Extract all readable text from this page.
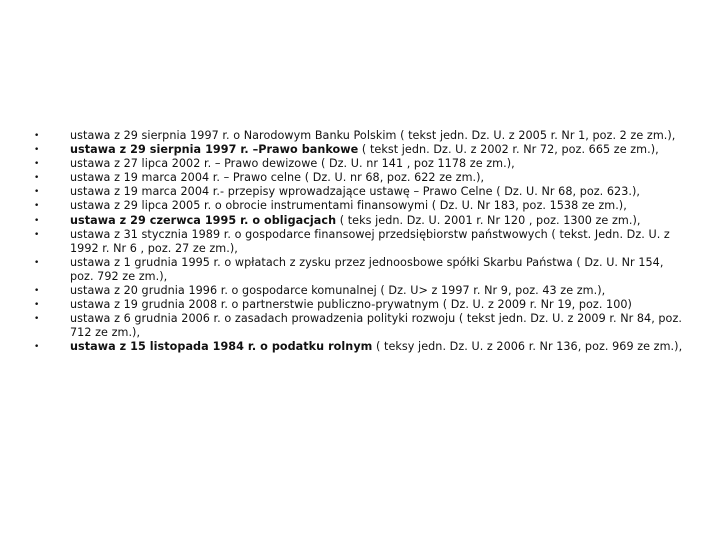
•	ustawa z 29 sierpnia 1997 r. o Narodowym Banku Polskim ( tekst jedn. Dz. U. z 2005 r. Nr 1, poz. 2 ze zm.),
•	ustawa z 29 sierpnia 1997 r. –Prawo bankowe ( tekst jedn. Dz. U. z 2002 r. Nr 72, poz. 665 ze zm.),
•	ustawa z 27 lipca 2002 r. – Prawo dewizowe ( Dz. U. nr 141 , poz 1178 ze zm.),
•	ustawa z 19 marca 2004 r. – Prawo celne ( Dz. U. nr 68, poz. 622 ze zm.),
•	ustawa z 19 marca 2004 r.- przepisy wprowadzające ustawę – Prawo Celne ( Dz. U. Nr 68, poz. 623.),
•	ustawa z 29 lipca 2005 r. o obrocie instrumentami finansowymi ( Dz. U. Nr 183, poz. 1538 ze zm.),
•	ustawa z 29 czerwca 1995 r. o obligacjach ( teks jedn. Dz. U. 2001 r. Nr 120 , poz. 1300 ze zm.),
•	ustawa z 31 stycznia 1989 r. o gospodarce finansowej przedsiębiorstw państwowych ( tekst. Jedn. Dz. U. z 1992 r. Nr 6 , poz. 27 ze zm.),
•	ustawa z 1 grudnia 1995 r. o wpłatach z zysku przez jednoosbowe spółki Skarbu Państwa ( Dz. U. Nr 154, poz. 792 ze zm.),
•	ustawa z 20 grudnia 1996 r. o gospodarce komunalnej ( Dz. U> z 1997 r. Nr 9, poz. 43 ze zm.),
•	ustawa z 19 grudnia 2008 r. o partnerstwie publiczno-prywatnym ( Dz. U. z 2009 r. Nr 19, poz. 100)
•	ustawa z 6 grudnia 2006 r. o zasadach prowadzenia polityki rozwoju ( tekst jedn. Dz. U. z 2009 r. Nr 84, poz. 712 ze zm.),
•	ustawa z 15 listopada 1984 r. o podatku rolnym ( teksy jedn. Dz. U. z 2006 r. Nr 136, poz. 969 ze zm.),
